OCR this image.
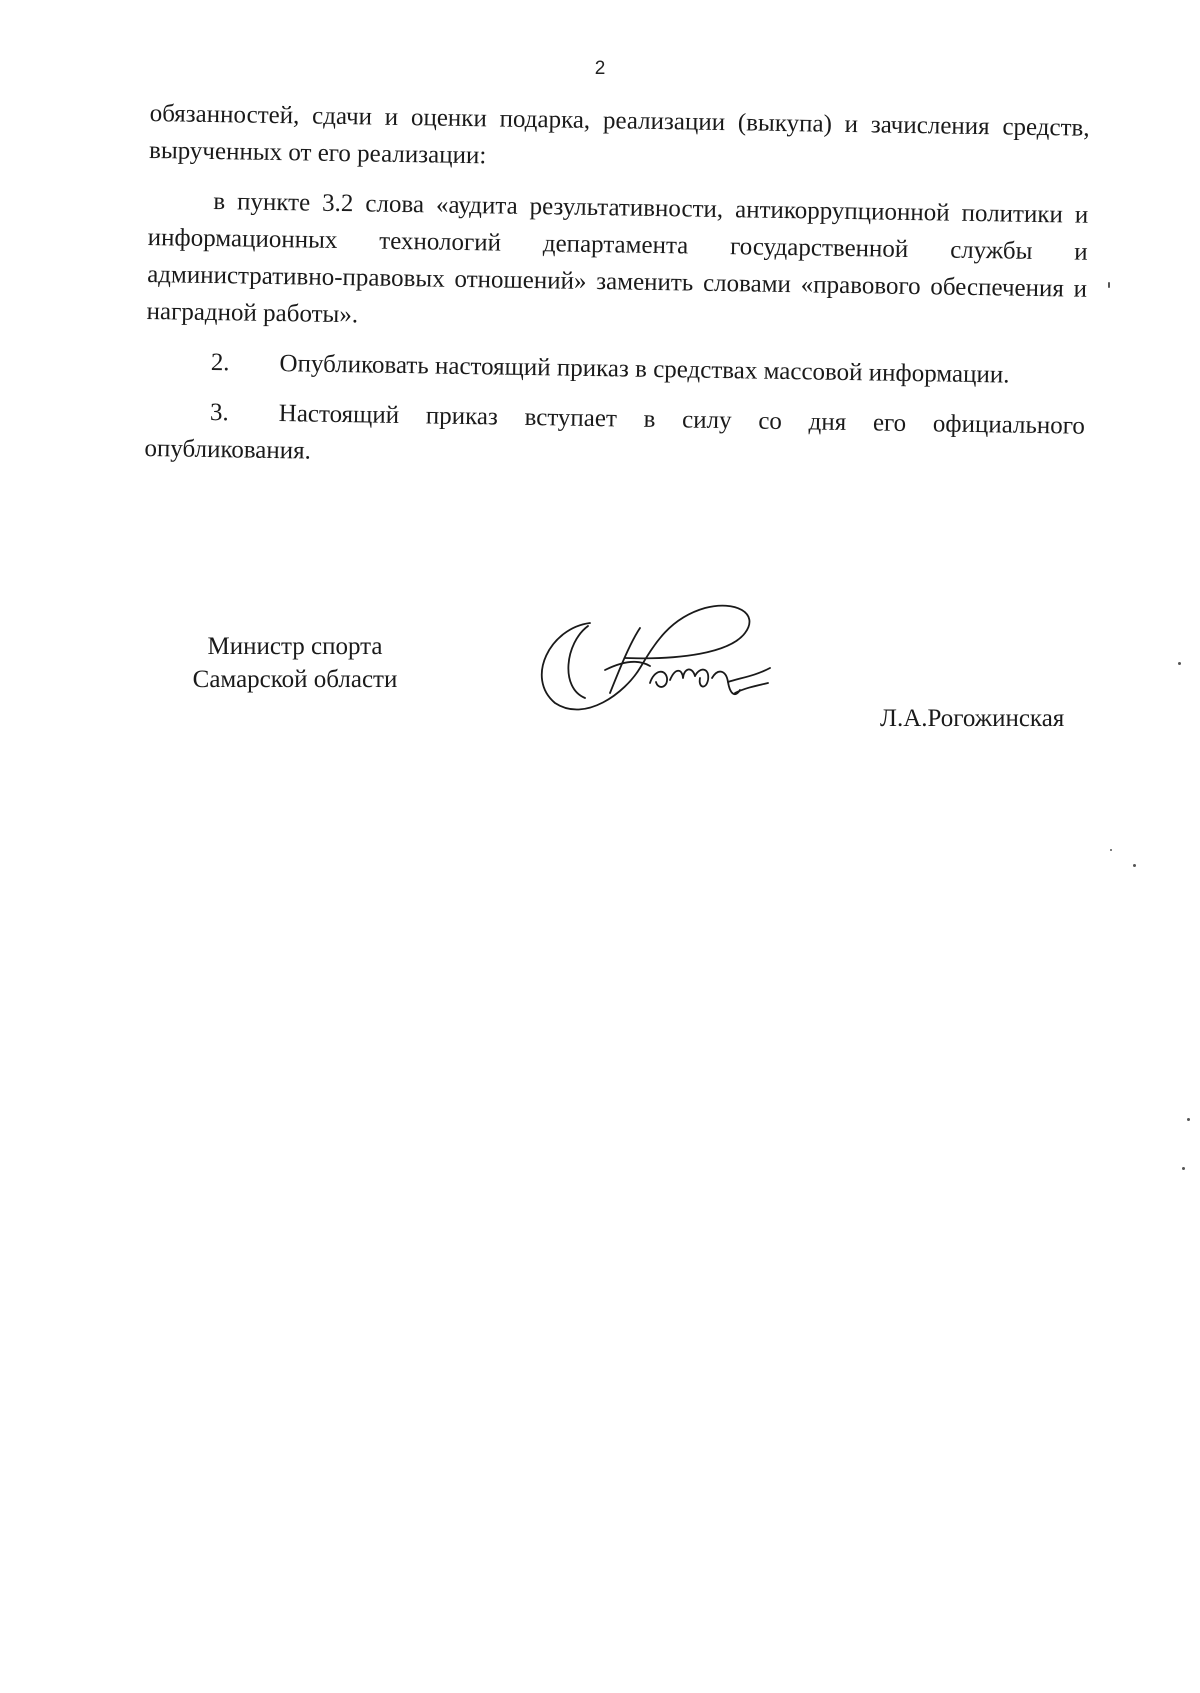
2

обязанностей, сдачи и оценки подарка, реализации (выкупа) и зачисления средств, вырученных от его реализации:

в пункте 3.2 слова «аудита результативности, антикоррупционной политики и информационных технологий департамента государственной службы и административно-правовых отношений» заменить словами «правового обеспечения и наградной работы».

2.  Опубликовать настоящий приказ в средствах массовой информации.

3.  Настоящий приказ вступает в силу со дня его официального опубликования.

Министр спорта
Самарской области
Л.А.Рогожинская
